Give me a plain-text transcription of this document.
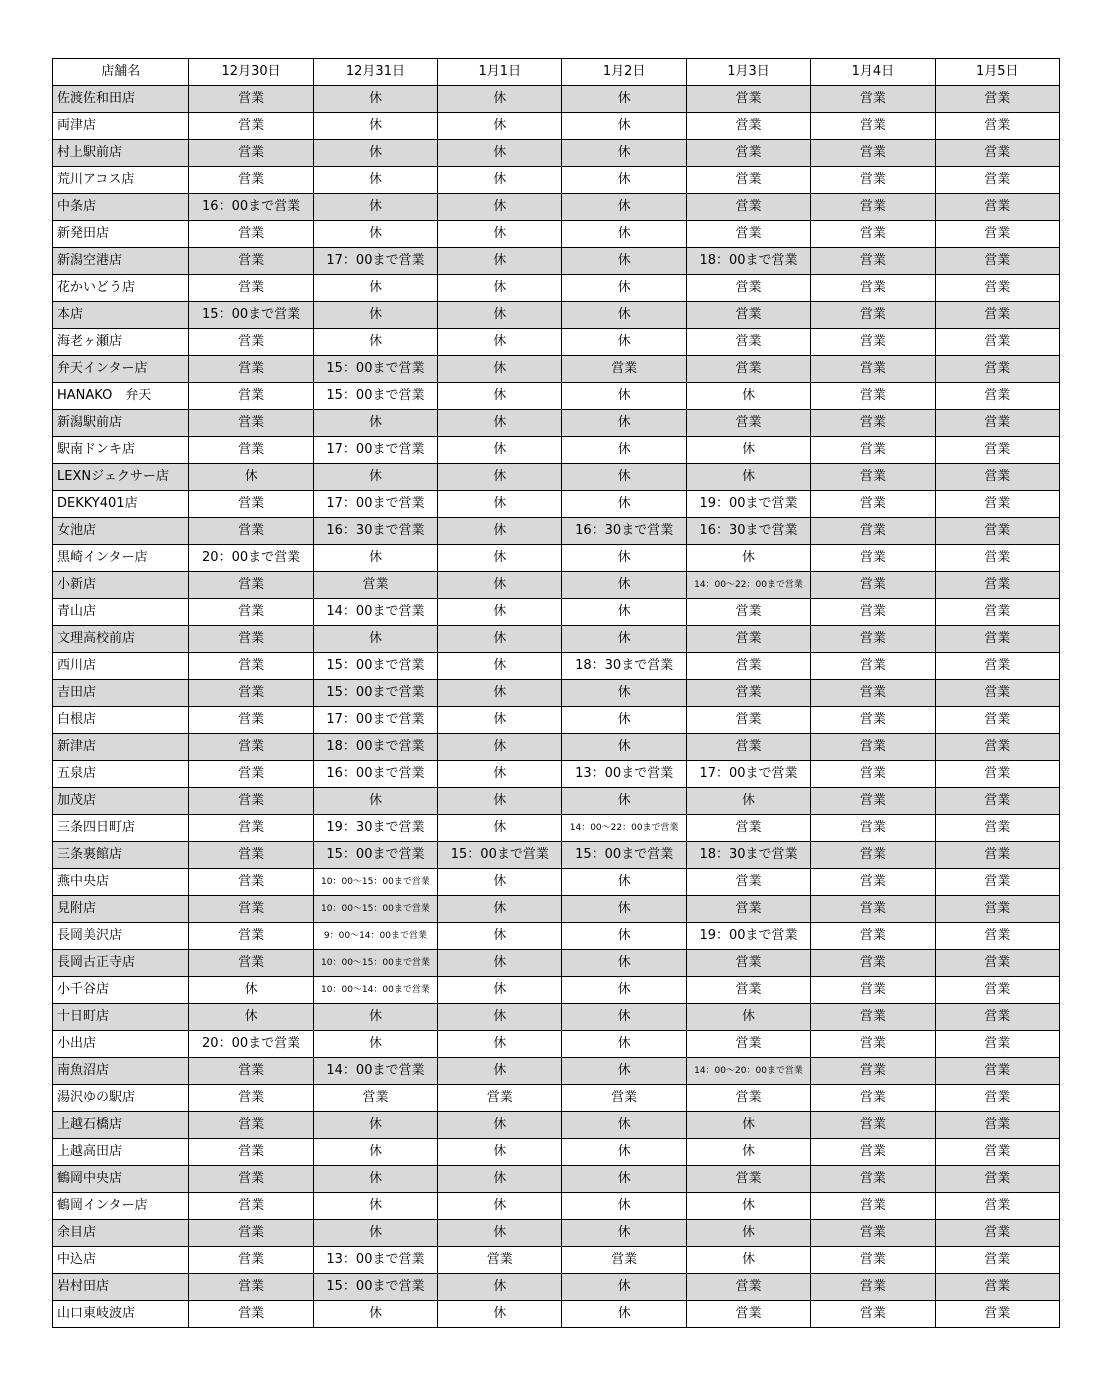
店舗名	12月30日	12月31日	1月1日	1月2日	1月3日	1月4日	1月5日
佐渡佐和田店	営業	休	休	休	営業	営業	営業
両津店	営業	休	休	休	営業	営業	営業
村上駅前店	営業	休	休	休	営業	営業	営業
荒川アコス店	営業	休	休	休	営業	営業	営業
中条店	16：00まで営業	休	休	休	営業	営業	営業
新発田店	営業	休	休	休	営業	営業	営業
新潟空港店	営業	17：00まで営業	休	休	18：00まで営業	営業	営業
花かいどう店	営業	休	休	休	営業	営業	営業
本店	15：00まで営業	休	休	休	営業	営業	営業
海老ヶ瀬店	営業	休	休	休	営業	営業	営業
弁天インター店	営業	15：00まで営業	休	営業	営業	営業	営業
HANAKO　弁天	営業	15：00まで営業	休	休	休	営業	営業
新潟駅前店	営業	休	休	休	営業	営業	営業
駅南ドンキ店	営業	17：00まで営業	休	休	休	営業	営業
LEXNジェクサー店	休	休	休	休	休	営業	営業
DEKKY401店	営業	17：00まで営業	休	休	19：00まで営業	営業	営業
女池店	営業	16：30まで営業	休	16：30まで営業	16：30まで営業	営業	営業
黒崎インター店	20：00まで営業	休	休	休	休	営業	営業
小新店	営業	営業	休	休	14：00～22：00まで営業	営業	営業
青山店	営業	14：00まで営業	休	休	営業	営業	営業
文理高校前店	営業	休	休	休	営業	営業	営業
西川店	営業	15：00まで営業	休	18：30まで営業	営業	営業	営業
吉田店	営業	15：00まで営業	休	休	営業	営業	営業
白根店	営業	17：00まで営業	休	休	営業	営業	営業
新津店	営業	18：00まで営業	休	休	営業	営業	営業
五泉店	営業	16：00まで営業	休	13：00まで営業	17：00まで営業	営業	営業
加茂店	営業	休	休	休	休	営業	営業
三条四日町店	営業	19：30まで営業	休	14：00～22：00まで営業	営業	営業	営業
三条裏館店	営業	15：00まで営業	15：00まで営業	15：00まで営業	18：30まで営業	営業	営業
燕中央店	営業	10：00～15：00まで営業	休	休	営業	営業	営業
見附店	営業	10：00～15：00まで営業	休	休	営業	営業	営業
長岡美沢店	営業	9：00～14：00まで営業	休	休	19：00まで営業	営業	営業
長岡古正寺店	営業	10：00～15：00まで営業	休	休	営業	営業	営業
小千谷店	休	10：00～14：00まで営業	休	休	営業	営業	営業
十日町店	休	休	休	休	休	営業	営業
小出店	20：00まで営業	休	休	休	営業	営業	営業
南魚沼店	営業	14：00まで営業	休	休	14：00～20：00まで営業	営業	営業
湯沢ゆの駅店	営業	営業	営業	営業	営業	営業	営業
上越石橋店	営業	休	休	休	休	営業	営業
上越高田店	営業	休	休	休	休	営業	営業
鶴岡中央店	営業	休	休	休	営業	営業	営業
鶴岡インター店	営業	休	休	休	休	営業	営業
余目店	営業	休	休	休	休	営業	営業
中込店	営業	13：00まで営業	営業	営業	休	営業	営業
岩村田店	営業	15：00まで営業	休	休	営業	営業	営業
山口東岐波店	営業	休	休	休	営業	営業	営業
